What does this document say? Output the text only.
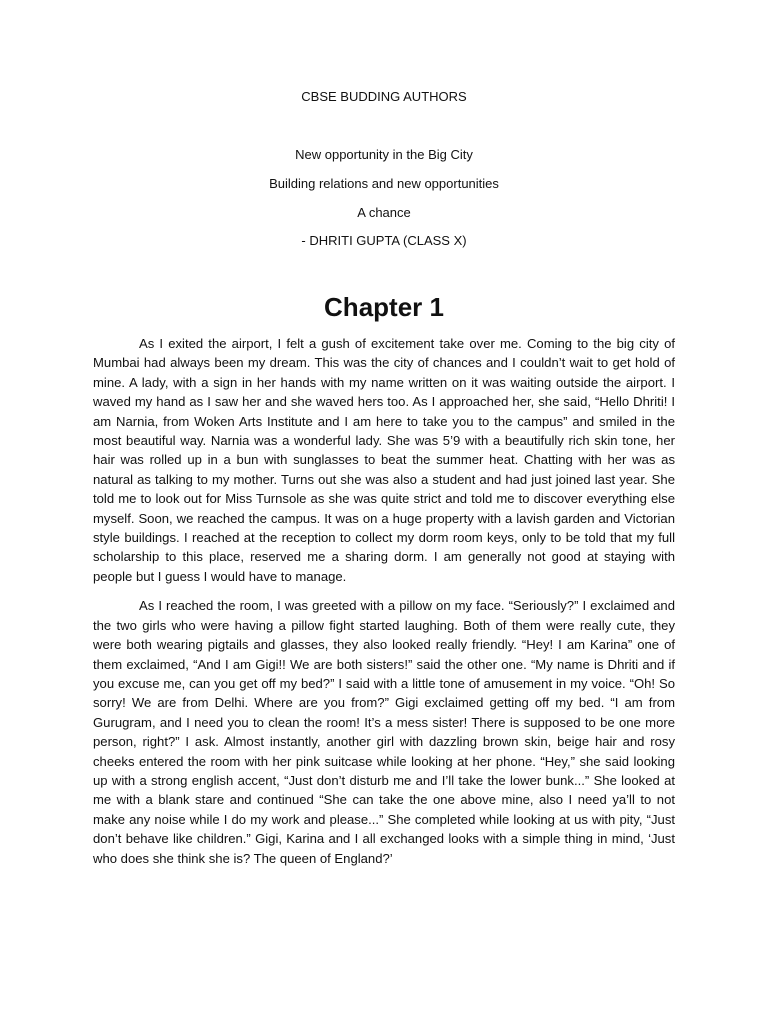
CBSE BUDDING AUTHORS

New opportunity in the Big City

Building relations and new opportunities

A chance

- DHRITI GUPTA (CLASS X)

Chapter 1

As I exited the airport, I felt a gush of excitement take over me. Coming to the big city of Mumbai had always been my dream. This was the city of chances and I couldn’t wait to get hold of mine. A lady, with a sign in her hands with my name written on it was waiting outside the airport. I waved my hand as I saw her and she waved hers too. As I approached her, she said, “Hello Dhriti! I am Narnia, from Woken Arts Institute and I am here to take you to the campus” and smiled in the most beautiful way. Narnia was a wonderful lady. She was 5’9 with a beautifully rich skin tone, her hair was rolled up in a bun with sunglasses to beat the summer heat. Chatting with her was as natural as talking to my mother. Turns out she was also a student and had just joined last year. She told me to look out for Miss Turnsole as she was quite strict and told me to discover everything else myself. Soon, we reached the campus. It was on a huge property with a lavish garden and Victorian style buildings. I reached at the reception to collect my dorm room keys, only to be told that my full scholarship to this place, reserved me a sharing dorm. I am generally not good at staying with people but I guess I would have to manage.

As I reached the room, I was greeted with a pillow on my face. “Seriously?” I exclaimed and the two girls who were having a pillow fight started laughing. Both of them were really cute, they were both wearing pigtails and glasses, they also looked really friendly. “Hey! I am Karina” one of them exclaimed, “And I am Gigi!! We are both sisters!” said the other one. “My name is Dhriti and if you excuse me, can you get off my bed?” I said with a little tone of amusement in my voice. “Oh! So sorry! We are from Delhi. Where are you from?” Gigi exclaimed getting off my bed. “I am from Gurugram, and I need you to clean the room! It’s a mess sister! There is supposed to be one more person, right?” I ask. Almost instantly, another girl with dazzling brown skin, beige hair and rosy cheeks entered the room with her pink suitcase while looking at her phone. “Hey,” she said looking up with a strong english accent, “Just don’t disturb me and I’ll take the lower bunk...” She looked at me with a blank stare and continued “She can take the one above mine, also I need ya’ll to not make any noise while I do my work and please...” She completed while looking at us with pity, “Just don’t behave like children.” Gigi, Karina and I all exchanged looks with a simple thing in mind, ‘Just who does she think she is? The queen of England?’
